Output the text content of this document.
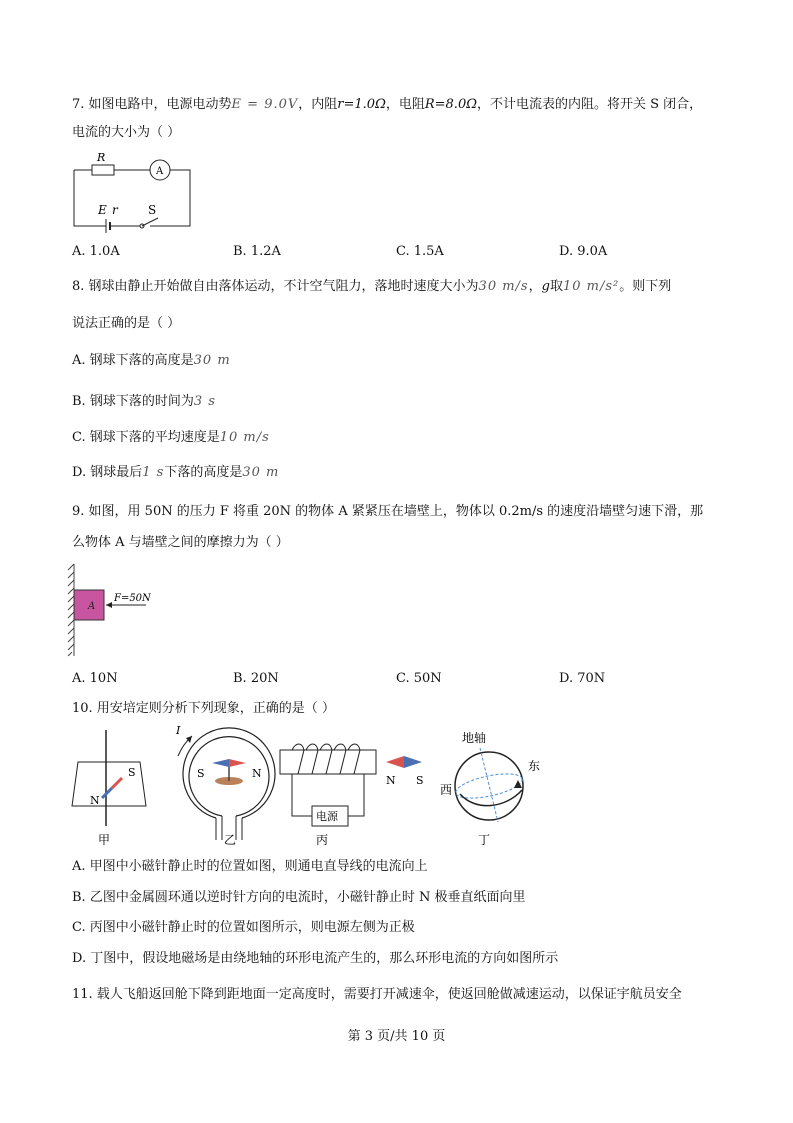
7. 如图电路中，电源电动势E = 9.0V，内阻r=1.0Ω，电阻R=8.0Ω，不计电流表的内阻。将开关 S 闭合，
电流的大小为（ ）
R
A
E r	S
A. 1.0A	B. 1.2A	C. 1.5A	D. 9.0A
8. 钢球由静止开始做自由落体运动，不计空气阻力，落地时速度大小为30 m/s，g取10 m/s²。则下列
说法正确的是（ ）
A. 钢球下落的高度是30 m
B. 钢球下落的时间为3 s
C. 钢球下落的平均速度是10 m/s
D. 钢球最后1 s下落的高度是30 m
9. 如图，用 50N 的压力 F 将重 20N 的物体 A 紧紧压在墙壁上，物体以 0.2m/s 的速度沿墙壁匀速下滑，那
么物体 A 与墙壁之间的摩擦力为（ ）
A
F=50N
A. 10N	B. 20N	C. 50N	D. 70N
10. 用安培定则分析下列现象，正确的是（ ）
S
N
甲
I
S	N
乙
电源
N S
丙
地轴
东
西
丁
A. 甲图中小磁针静止时的位置如图，则通电直导线的电流向上
B. 乙图中金属圆环通以逆时针方向的电流时，小磁针静止时 N 极垂直纸面向里
C. 丙图中小磁针静止时的位置如图所示，则电源左侧为正极
D. 丁图中，假设地磁场是由绕地轴的环形电流产生的，那么环形电流的方向如图所示
11. 载人飞船返回舱下降到距地面一定高度时，需要打开减速伞，使返回舱做减速运动，以保证宇航员安全
第 3 页/共 10 页
